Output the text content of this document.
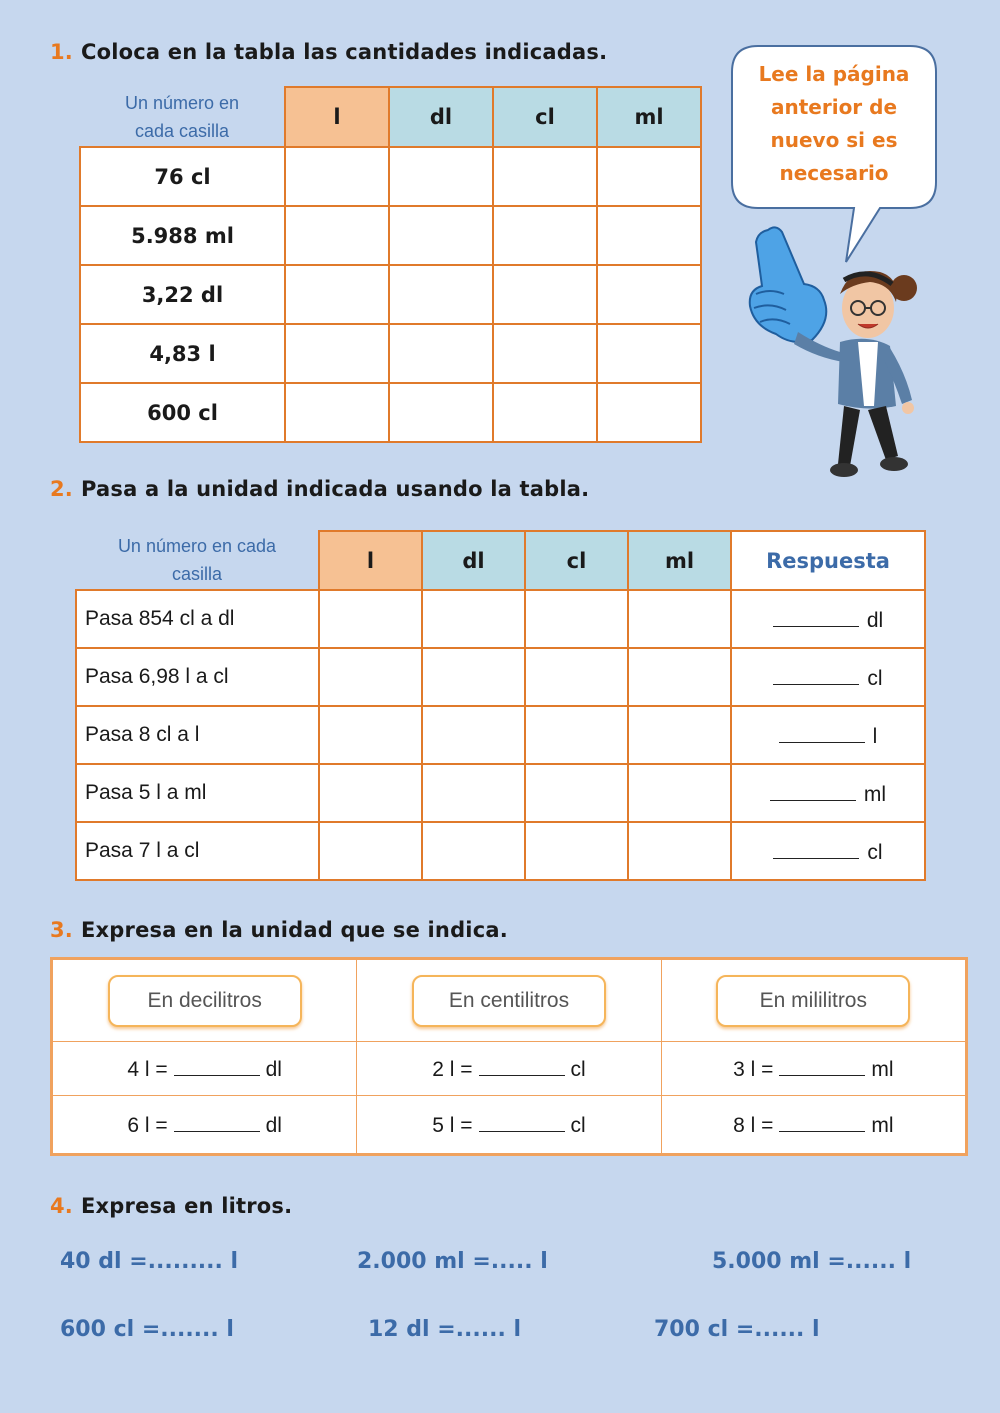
1. Coloca en la tabla las cantidades indicadas.
Un número en
cada casilla	l	dl	cl	ml
76 cl				
5.988 ml				
3,22 dl				
4,83 l				
600 cl				
Lee la página
anterior de
nuevo si es
necesario
2. Pasa a la unidad indicada usando la tabla.
Un número en cada
casilla	l	dl	cl	ml	Respuesta
Pasa 854 cl a dl					dl
Pasa 6,98 l a cl					cl
Pasa 8 cl a l					l
Pasa 5 l a ml					ml
Pasa 7 l a cl					cl
3. Expresa en la unidad que se indica.
En decilitros	En centilitros	En mililitros
4 l = dl	2 l = cl	3 l = ml
6 l = dl	5 l = cl	8 l = ml
4. Expresa en litros.
40 dl =......... l	2.000 ml =..... l	5.000 ml =...... l
600 cl =....... l	12 dl =...... l	700 cl =...... l
